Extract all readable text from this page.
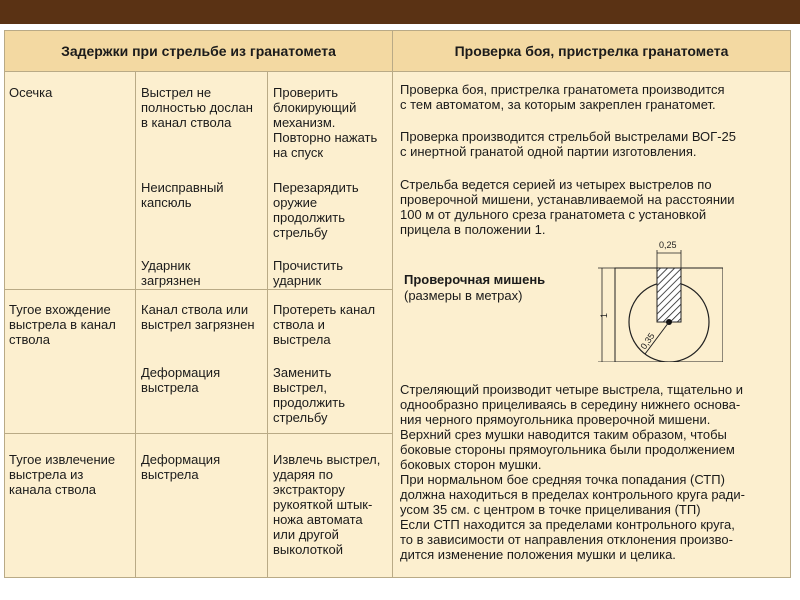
Задержки при стрельбе из гранатомета	Проверка боя, пристрелка гранатомета
Осечка	Выстрел не
полностью дослан
в канал ствола
Проверить
блокирующий
механизм.
Повторно нажать
на спуск
Неисправный
капсюль
Перезарядить
оружие
продолжить
стрельбу
Ударник
загрязнен
Прочистить
ударник
Тугое вхождение
выстрела в канал
ствола
Канал ствола или
выстрел загрязнен
Протереть канал
ствола и
выстрела
Деформация
выстрела
Заменить
выстрел,
продолжить
стрельбу
Тугое извлечение
выстрела из
канала ствола
Деформация
выстрела
Извлечь выстрел,
ударяя по
экстрактору
рукояткой штык-
ножа автомата
или другой
выколоткой
Проверка боя, пристрелка гранатомета производится
с тем автоматом, за которым закреплен гранатомет.
Проверка производится стрельбой выстрелами ВОГ-25
с инертной гранатой одной партии изготовления.
Стрельба ведется серией из четырех выстрелов по
проверочной мишени, устанавливаемой на расстоянии
100 м от дульного среза гранатомета с установкой
прицела в положении 1.
Проверочная мишень
(размеры в метрах)
0,35
0,25
1
Стреляющий производит четыре выстрела, тщательно и
однообразно прицеливаясь в середину нижнего основа-
ния черного прямоугольника проверочной мишени.
Верхний срез мушки наводится таким образом, чтобы
боковые стороны прямоугольника были продолжением
боковых сторон мушки.
При нормальном бое средняя точка попадания (СТП)
должна находиться в пределах контрольного круга ради-
усом 35 см. с центром в точке прицеливания (ТП)
Если СТП находится за пределами контрольного круга,
то в зависимости от направления отклонения произво-
дится изменение положения мушки и целика.
